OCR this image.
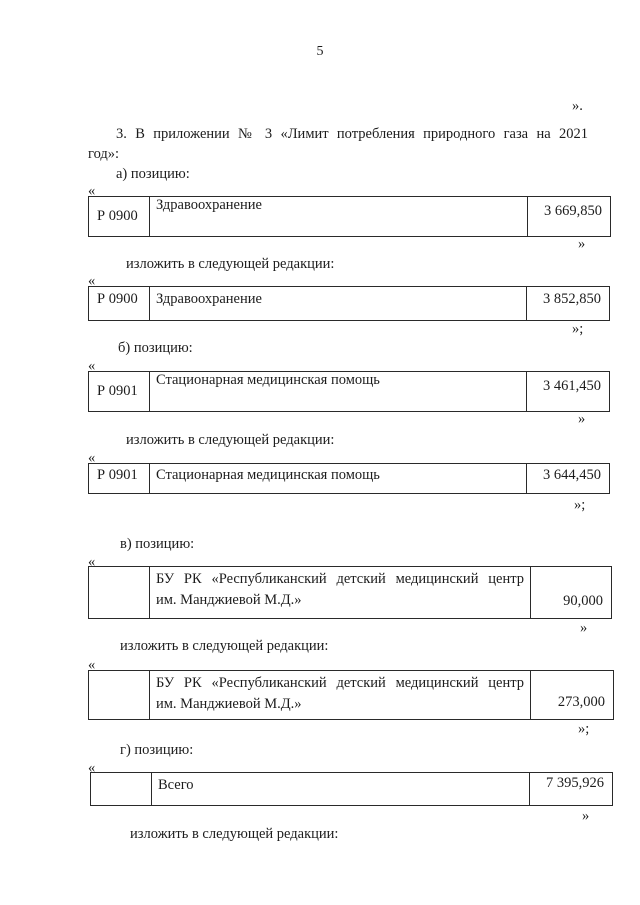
5
».
3. В приложении № 3 «Лимит потребления природного газа на 2021
год»:
а) позицию:
«
Р 0900	Здравоохранение	3 669,850
»
изложить в следующей редакции:
«
Р 0900	Здравоохранение	3 852,850
»;
б) позицию:
«
Р 0901	Стационарная медицинская помощь	3 461,450
»
изложить в следующей редакции:
«
Р 0901	Стационарная медицинская помощь	3 644,450
»;
в) позицию:
«

БУ РК «Республиканский детский медицинский центр
им. Манджиевой М.Д.»	90,000
»
изложить в следующей редакции:
«

БУ РК «Республиканский детский медицинский центр
им. Манджиевой М.Д.»	273,000
»;
г) позицию:
«
	Всего	7 395,926
»
изложить в следующей редакции:
